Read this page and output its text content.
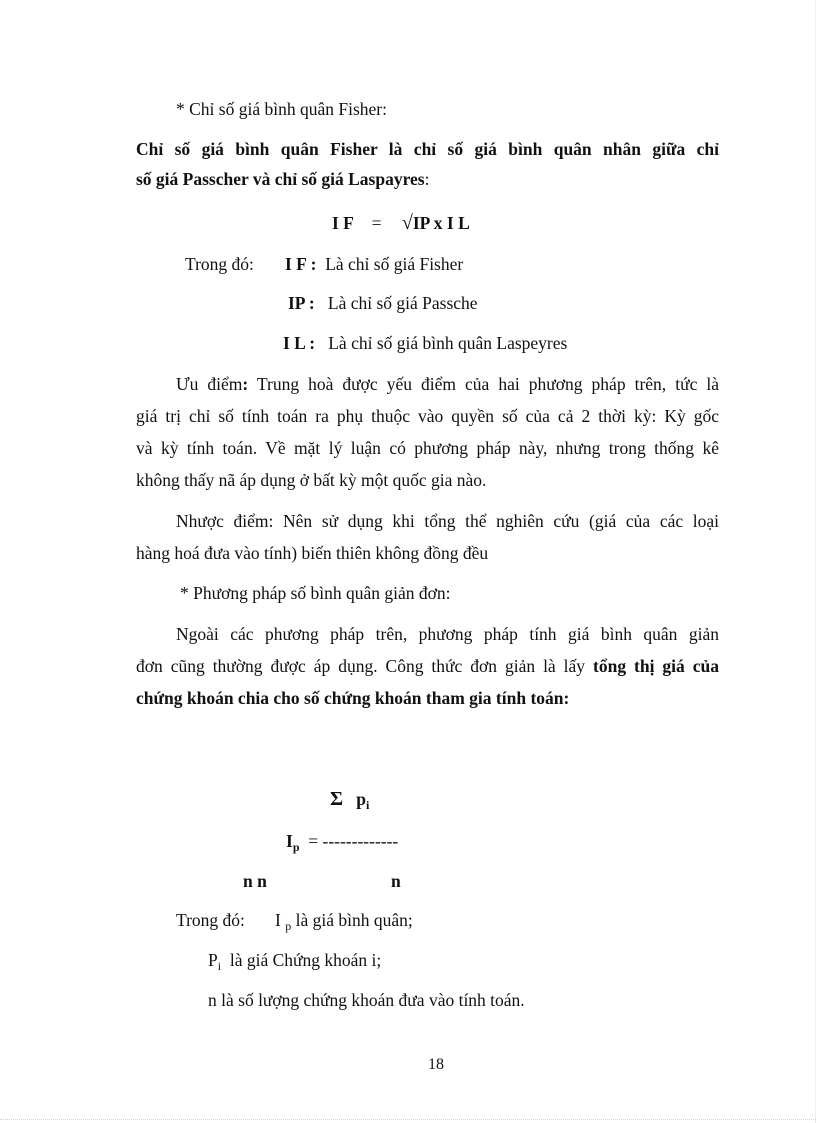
* Chỉ số giá bình quân Fisher:
Chỉ số giá bình quân Fisher là chỉ số giá bình quân nhân giữa chỉ
số giá Passcher và chỉ số giá Laspayres:
I F = √IP x I L
Trong đó: I F : Là chỉ số giá Fisher
IP : Là chỉ số giá Passche
I L : Là chỉ số giá bình quân Laspeyres
Ưu điểm: Trung hoà được yếu điểm của hai phương pháp trên, tức là
giá trị chỉ số tính toán ra phụ thuộc vào quyền số của cả 2 thời kỳ: Kỳ gốc
và kỳ tính toán. Về mặt lý luận có phương pháp này, nhưng trong thống kê
không thấy nã áp dụng ở bất kỳ một quốc gia nào.
Nhược điểm: Nên sử dụng khi tổng thể nghiên cứu (giá của các loại
hàng hoá đưa vào tính) biến thiên không đồng đều
* Phương pháp số bình quân giản đơn:
Ngoài các phương pháp trên, phương pháp tính giá bình quân giản
đơn cũng thường được áp dụng. Công thức đơn giản là lấy tổng thị giá của
chứng khoán chia cho số chứng khoán tham gia tính toán:
Σ $p_i$
$I_p$ = -------------
n n	n
Trong đó: I $_p$ là giá bình quân;
$P_i$ là giá Chứng khoán i;
n là số lượng chứng khoán đưa vào tính toán.
18
